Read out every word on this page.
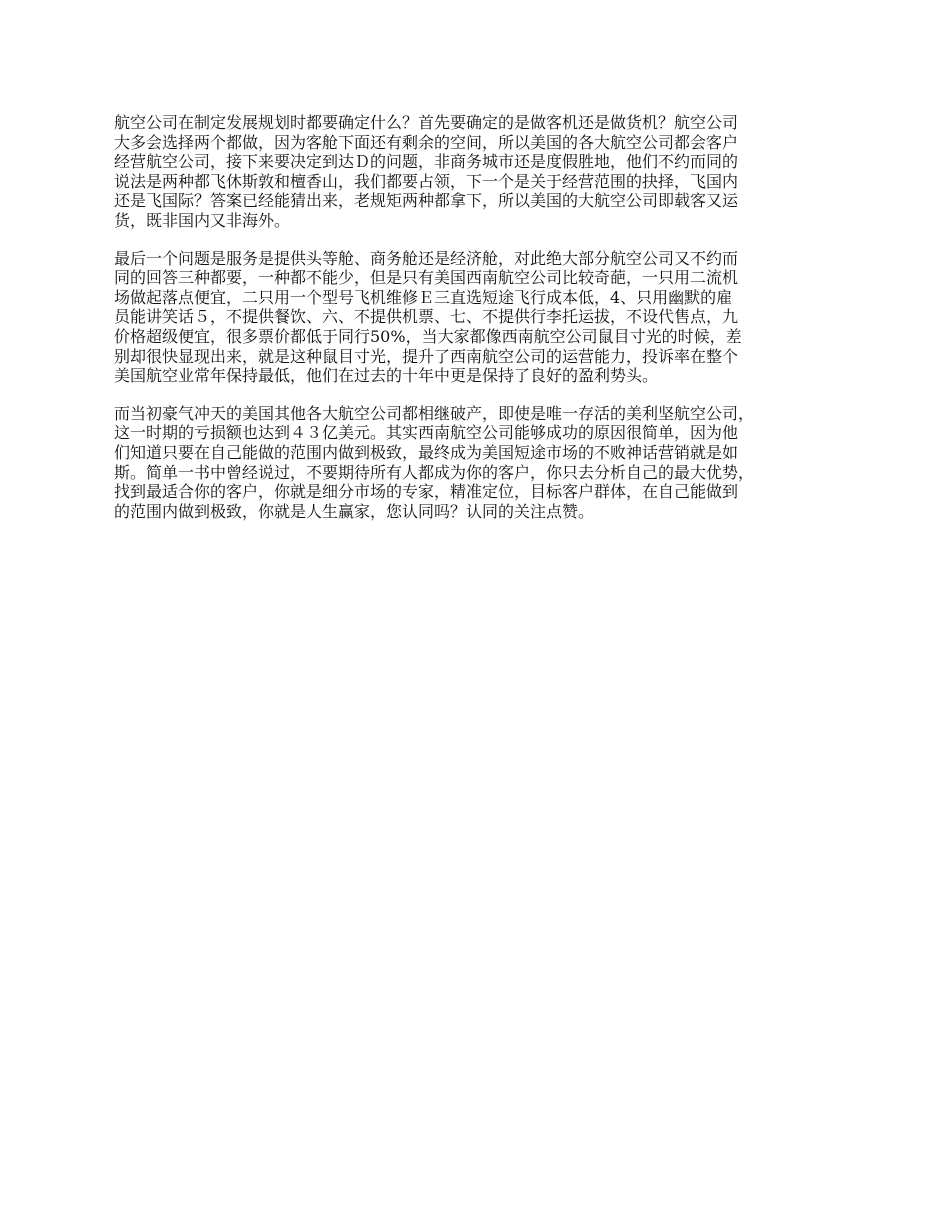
航空公司在制定发展规划时都要确定什么？首先要确定的是做客机还是做货机？航空公司
大多会选择两个都做，因为客舱下面还有剩余的空间，所以美国的各大航空公司都会客户
经营航空公司，接下来要决定到达Ｄ的问题，非商务城市还是度假胜地，他们不约而同的
说法是两种都飞休斯敦和檀香山，我们都要占领，下一个是关于经营范围的抉择，飞国内
还是飞国际？答案已经能猜出来，老规矩两种都拿下，所以美国的大航空公司即载客又运
货，既非国内又非海外。
最后一个问题是服务是提供头等舱、商务舱还是经济舱，对此绝大部分航空公司又不约而
同的回答三种都要，一种都不能少，但是只有美国西南航空公司比较奇葩，一只用二流机
场做起落点便宜，二只用一个型号飞机维修Ｅ三直选短途飞行成本低，4、只用幽默的雇
员能讲笑话５，不提供餐饮、六、不提供机票、七、不提供行李托运拔，不设代售点，九
价格超级便宜，很多票价都低于同行50%，当大家都像西南航空公司鼠目寸光的时候，差
别却很快显现出来，就是这种鼠目寸光，提升了西南航空公司的运营能力，投诉率在整个
美国航空业常年保持最低，他们在过去的十年中更是保持了良好的盈利势头。
而当初豪气冲天的美国其他各大航空公司都相继破产，即使是唯一存活的美利坚航空公司，
这一时期的亏损额也达到４３亿美元。其实西南航空公司能够成功的原因很简单，因为他
们知道只要在自己能做的范围内做到极致，最终成为美国短途市场的不败神话营销就是如
斯。简单一书中曾经说过，不要期待所有人都成为你的客户，你只去分析自己的最大优势，
找到最适合你的客户，你就是细分市场的专家，精准定位，目标客户群体，在自己能做到
的范围内做到极致，你就是人生赢家，您认同吗？认同的关注点赞。
